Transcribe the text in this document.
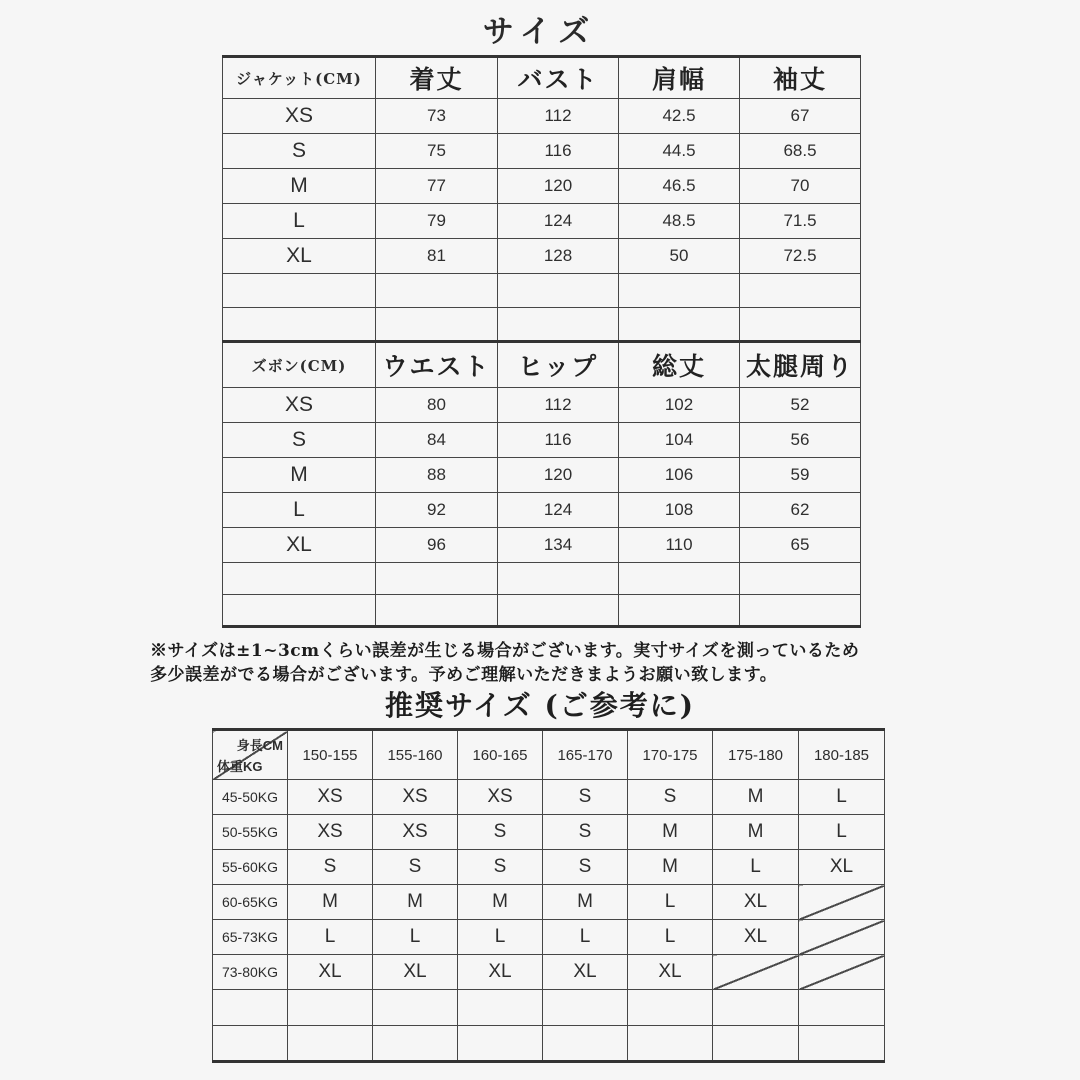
サイズ
ジャケット(CM)	着丈	バスト	肩幅	袖丈
XS	73	112	42.5	67
S	75	116	44.5	68.5
M	77	120	46.5	70
L	79	124	48.5	71.5
XL	81	128	50	72.5

ズボン(CM)	ウエスト	ヒップ	総丈	太腿周り
XS	80	112	102	52
S	84	116	104	56
M	88	120	106	59
L	92	124	108	62
XL	96	134	110	65

※サイズは±1~3cmくらい誤差が生じる場合がございます。実寸サイズを測っているため
多少誤差がでる場合がございます。予めご理解いただきまようお願い致します。
推奨サイズ (ご参考に)
身長CM
体重KG	150-155	155-160	160-165	165-170	170-175	175-180	180-185
45-50KG	XS	XS	XS	S	S	M	L
50-55KG	XS	XS	S	S	M	M	L
55-60KG	S	S	S	S	M	L	XL
60-65KG	M	M	M	M	L	XL	
65-73KG	L	L	L	L	L	XL	
73-80KG	XL	XL	XL	XL	XL		
